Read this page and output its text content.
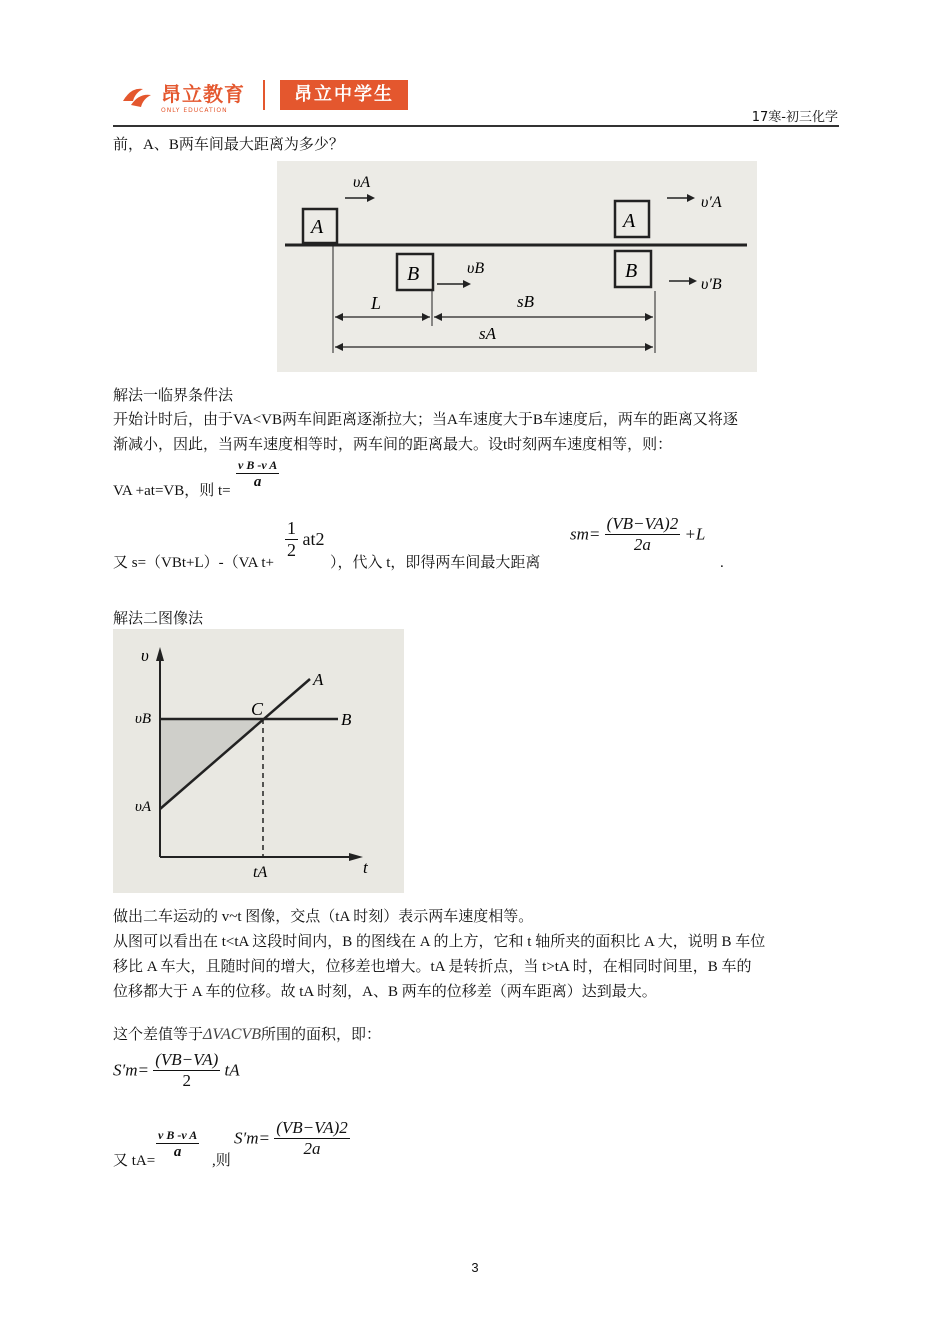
昂立教育
ONLY EDUCATION
昂立中学生
17寒-初三化学
前，A、B两车间最大距离为多少？
A
υA
A
υ′A
B	υB	B
υ′B
L	sB
sA
解法一临界条件法
开始计时后，由于VA<VB两车间距离逐渐拉大；当A车速度大于B车速度后，两车的距离又将逐
渐减小，因此，当两车速度相等时，两车间的距离最大。设t时刻两车速度相等，则：
VA +at=VB，则 $t= \frac{\text{v B -v A}}{a}$
又 s=（VBt+L）-（VA t+
$\frac{1}{2} at2$
），代入 t，即得两车间最大距离
$sm= \frac{(VB-VA)2}{2a} +L$
.
解法二图像法
υ
t
υB
υA
C
A
B
tA
做出二车运动的 v~t 图像，交点（tA 时刻）表示两车速度相等。
从图可以看出在 t<tA 这段时间内，B 的图线在 A 的上方，它和 t 轴所夹的面积比 A 大，说明 B 车位
移比 A 车大，且随时间的增大，位移差也增大。tA 是转折点，当 t>tA 时，在相同时间里，B 车的
位移都大于 A 车的位移。故 tA 时刻，A、B 两车的位移差（两车距离）达到最大。
这个差值等于ΔVACVB所围的面积，即：
$S'm= \frac{(VB-VA)}{2}$ tA
又 $tA= \frac{\text{v B -v A}}{a}$ ,则
$S'm= \frac{(VB-VA)2}{2a}$
3
